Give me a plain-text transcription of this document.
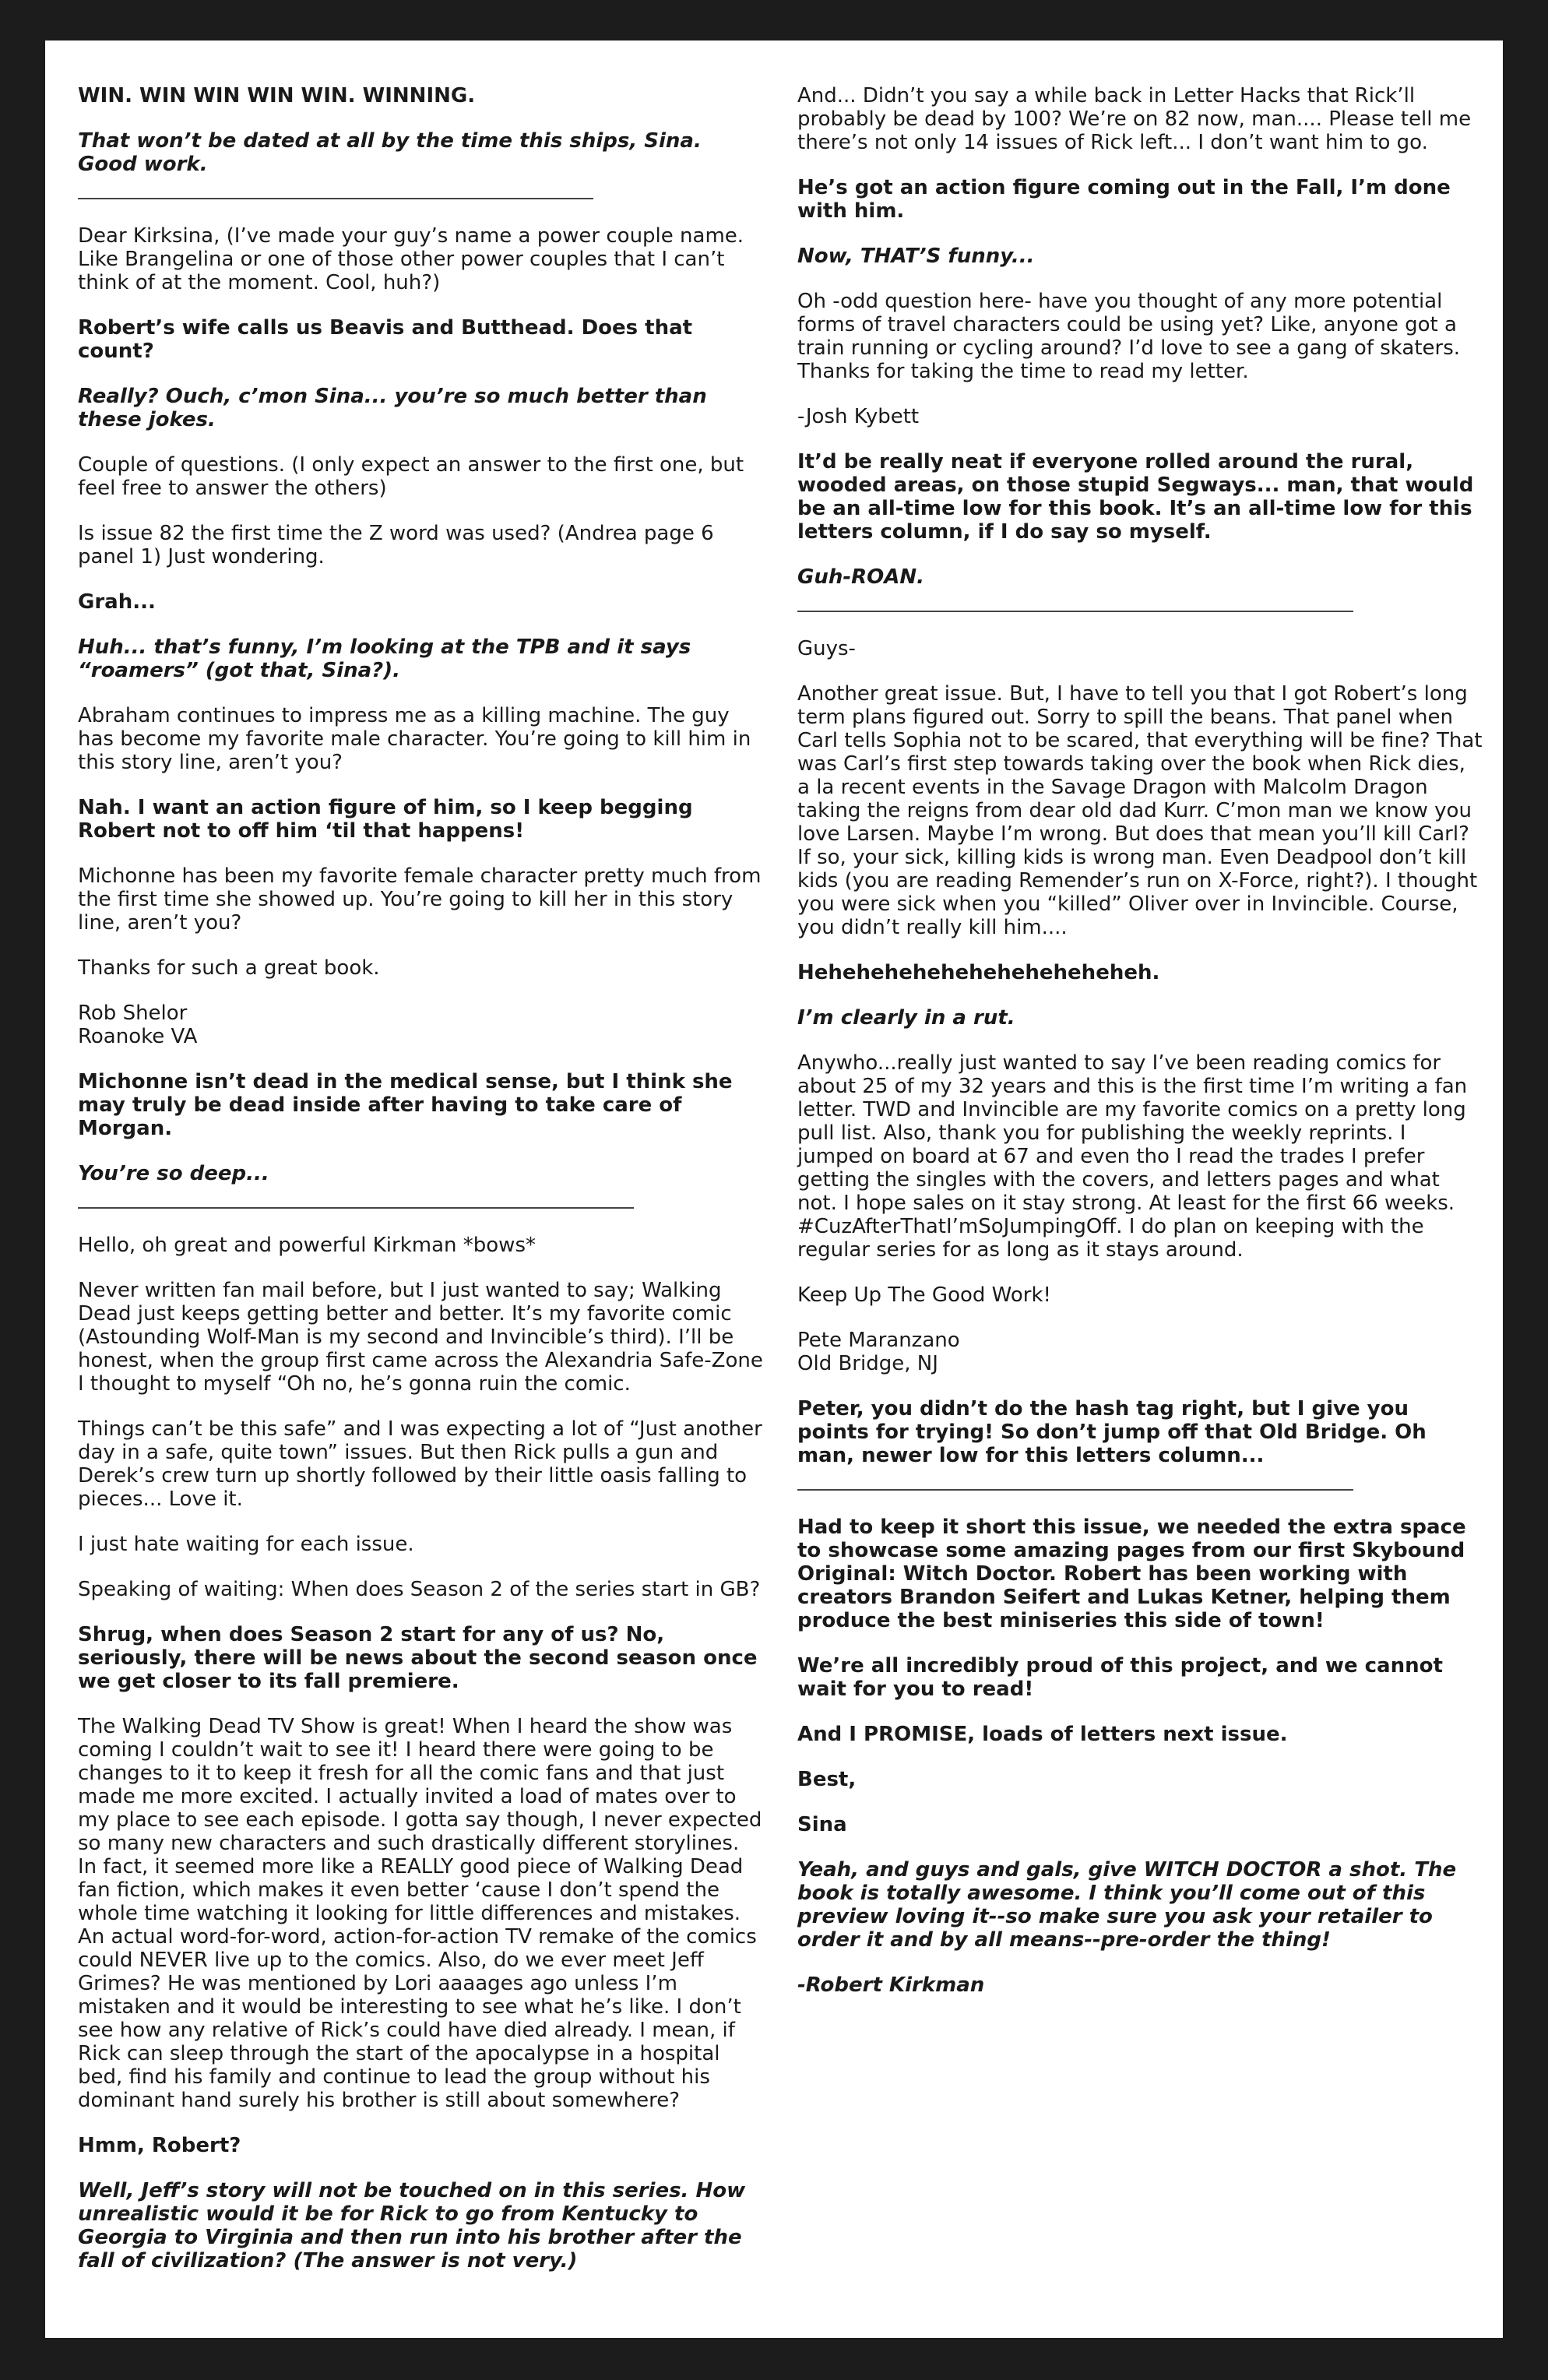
WIN. WIN WIN WIN WIN. WINNING.

That won’t be dated at all by the time this ships, Sina. Good work.

Dear Kirksina, (I’ve made your guy’s name a power couple name. Like Brangelina or one of those other power couples that I can’t think of at the moment. Cool, huh?)

Robert’s wife calls us Beavis and Butthead. Does that count?

Really? Ouch, c’mon Sina... you’re so much better than these jokes.

Couple of questions. (I only expect an answer to the first one, but feel free to answer the others)

Is issue 82 the first time the Z word was used? (Andrea page 6 panel 1) Just wondering.

Grah...

Huh... that’s funny, I’m looking at the TPB and it says “roamers” (got that, Sina?).

Abraham continues to impress me as a killing machine. The guy has become my favorite male character. You’re going to kill him in this story line, aren’t you?

Nah. I want an action figure of him, so I keep begging Robert not to off him ‘til that happens!

Michonne has been my favorite female character pretty much from the first time she showed up. You’re going to kill her in this story line, aren’t you?

Thanks for such a great book.

Rob Shelor
Roanoke VA

Michonne isn’t dead in the medical sense, but I think she may truly be dead inside after having to take care of Morgan.

You’re so deep...

Hello, oh great and powerful Kirkman *bows*

Never written fan mail before, but I just wanted to say; Walking Dead just keeps getting better and better. It’s my favorite comic (Astounding Wolf-Man is my second and Invincible’s third). I’ll be honest, when the group first came across the Alexandria Safe-Zone I thought to myself “Oh no, he’s gonna ruin the comic.

Things can’t be this safe” and I was expecting a lot of “Just another day in a safe, quite town” issues. But then Rick pulls a gun and Derek’s crew turn up shortly followed by their little oasis falling to pieces... Love it.

I just hate waiting for each issue.

Speaking of waiting: When does Season 2 of the series start in GB?

Shrug, when does Season 2 start for any of us? No, seriously, there will be news about the second season once we get closer to its fall premiere.

The Walking Dead TV Show is great! When I heard the show was coming I couldn’t wait to see it! I heard there were going to be changes to it to keep it fresh for all the comic fans and that just made me more excited. I actually invited a load of mates over to my place to see each episode. I gotta say though, I never expected so many new characters and such drastically different storylines. In fact, it seemed more like a REALLY good piece of Walking Dead fan fiction, which makes it even better ‘cause I don’t spend the whole time watching it looking for little differences and mistakes. An actual word-for-word, action-for-action TV remake of the comics could NEVER live up to the comics. Also, do we ever meet Jeff Grimes? He was mentioned by Lori aaaages ago unless I’m mistaken and it would be interesting to see what he’s like. I don’t see how any relative of Rick’s could have died already. I mean, if Rick can sleep through the start of the apocalypse in a hospital bed, find his family and continue to lead the group without his dominant hand surely his brother is still about somewhere?

Hmm, Robert?

Well, Jeff’s story will not be touched on in this series. How unrealistic would it be for Rick to go from Kentucky to Georgia to Virginia and then run into his brother after the fall of civilization? (The answer is not very.)

And... Didn’t you say a while back in Letter Hacks that Rick’ll probably be dead by 100? We’re on 82 now, man.... Please tell me there’s not only 14 issues of Rick left... I don’t want him to go.

He’s got an action figure coming out in the Fall, I’m done with him.

Now, THAT’S funny...

Oh -odd question here- have you thought of any more potential forms of travel characters could be using yet? Like, anyone got a train running or cycling around? I’d love to see a gang of skaters. Thanks for taking the time to read my letter.

-Josh Kybett

It’d be really neat if everyone rolled around the rural, wooded areas, on those stupid Segways... man, that would be an all-time low for this book. It’s an all-time low for this letters column, if I do say so myself.

Guh-ROAN.

Guys-

Another great issue. But, I have to tell you that I got Robert’s long term plans figured out. Sorry to spill the beans. That panel when Carl tells Sophia not to be scared, that everything will be fine? That was Carl’s first step towards taking over the book when Rick dies, a la recent events in the Savage Dragon with Malcolm Dragon taking the reigns from dear old dad Kurr. C’mon man we know you love Larsen. Maybe I’m wrong. But does that mean you’ll kill Carl? If so, your sick, killing kids is wrong man. Even Deadpool don’t kill kids (you are reading Remender’s run on X-Force, right?). I thought you were sick when you “killed” Oliver over in Invincible. Course, you didn’t really kill him....

Heheheheheheheheheheheheh.

I’m clearly in a rut.

Anywho...really just wanted to say I’ve been reading comics for about 25 of my 32 years and this is the first time I’m writing a fan letter. TWD and Invincible are my favorite comics on a pretty long pull list. Also, thank you for publishing the weekly reprints. I jumped on board at 67 and even tho I read the trades I prefer getting the singles with the covers, and letters pages and what not. I hope sales on it stay strong. At least for the first 66 weeks. #CuzAfterThatI’mSoJumpingOff. I do plan on keeping with the regular series for as long as it stays around.

Keep Up The Good Work!

Pete Maranzano
Old Bridge, NJ

Peter, you didn’t do the hash tag right, but I give you points for trying! So don’t jump off that Old Bridge. Oh man, newer low for this letters column...

Had to keep it short this issue, we needed the extra space to showcase some amazing pages from our first Skybound Original: Witch Doctor. Robert has been working with creators Brandon Seifert and Lukas Ketner, helping them produce the best miniseries this side of town!

We’re all incredibly proud of this project, and we cannot wait for you to read!

And I PROMISE, loads of letters next issue.

Best,

Sina

Yeah, and guys and gals, give WITCH DOCTOR a shot. The book is totally awesome. I think you’ll come out of this preview loving it--so make sure you ask your retailer to order it and by all means--pre-order the thing!

-Robert Kirkman
